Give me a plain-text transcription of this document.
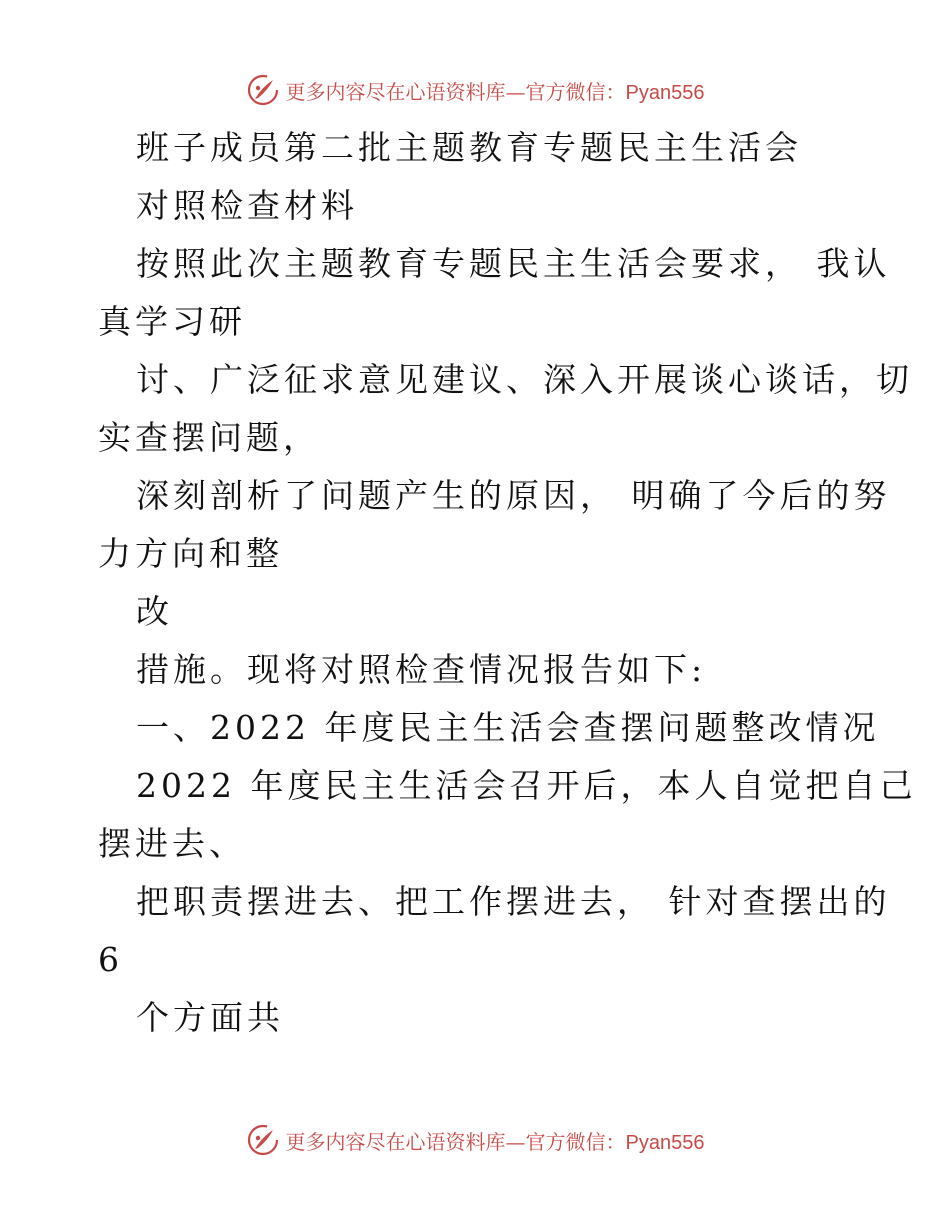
更多内容尽在心语资料库—官方微信：Pyan556
班子成员第二批主题教育专题民主生活会
对照检查材料
按照此次主题教育专题民主生活会要求， 我认
真学习研
讨、广泛征求意见建议、深入开展谈心谈话，切
实查摆问题，
深刻剖析了问题产生的原因， 明确了今后的努
力方向和整
改
措施。现将对照检查情况报告如下:
一、2022 年度民主生活会查摆问题整改情况
2022 年度民主生活会召开后，本人自觉把自己
摆进去、
把职责摆进去、把工作摆进去， 针对查摆出的
6
个方面共
更多内容尽在心语资料库—官方微信：Pyan556
